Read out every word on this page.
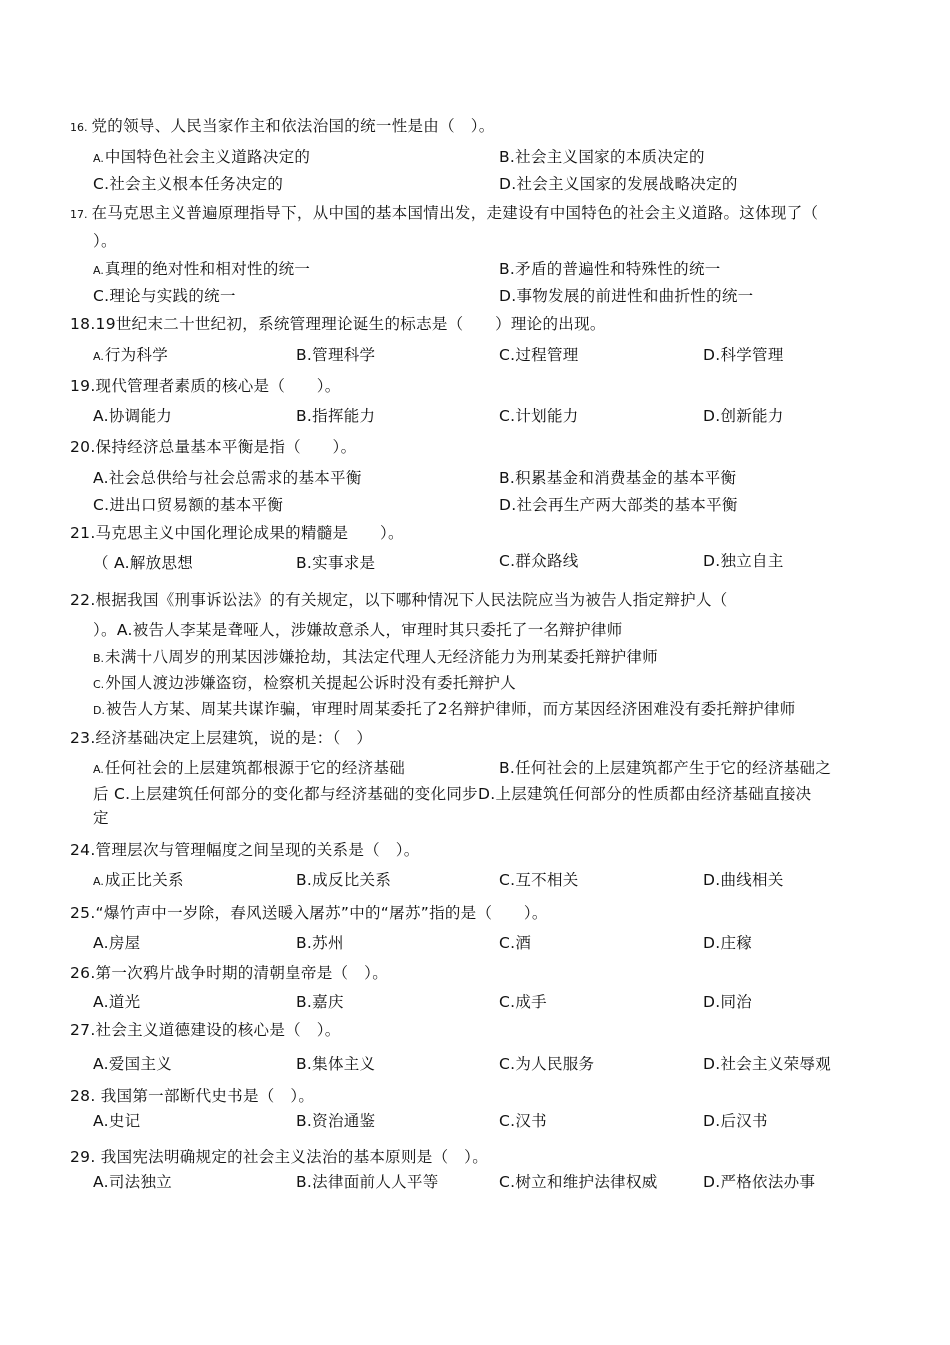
16. 党的领导、人民当家作主和依法治国的统一性是由（　）。
A.中国特色社会主义道路决定的	B.社会主义国家的本质决定的
C.社会主义根本任务决定的	D.社会主义国家的发展战略决定的
17. 在马克思主义普遍原理指导下，从中国的基本国情出发，走建设有中国特色的社会主义道路。这体现了（
）。
A.真理的绝对性和相对性的统一	B.矛盾的普遍性和特殊性的统一
C.理论与实践的统一	D.事物发展的前进性和曲折性的统一
18.19世纪末二十世纪初，系统管理理论诞生的标志是（　　）理论的出现。
A.行为科学	B.管理科学	C.过程管理	D.科学管理
19.现代管理者素质的核心是（　　）。
A.协调能力	B.指挥能力	C.计划能力	D.创新能力
20.保持经济总量基本平衡是指（　　）。
A.社会总供给与社会总需求的基本平衡	B.积累基金和消费基金的基本平衡
C.进出口贸易额的基本平衡	D.社会再生产两大部类的基本平衡
21.马克思主义中国化理论成果的精髓是　　）。
（ A.解放思想	B.实事求是	C.群众路线	D.独立自主
22.根据我国《刑事诉讼法》的有关规定，以下哪种情况下人民法院应当为被告人指定辩护人（
）。A.被告人李某是聋哑人，涉嫌故意杀人，审理时其只委托了一名辩护律师
B.未满十八周岁的刑某因涉嫌抢劫，其法定代理人无经济能力为刑某委托辩护律师
C.外国人渡边涉嫌盗窃，检察机关提起公诉时没有委托辩护人
D.被告人方某、周某共谋诈骗，审理时周某委托了2名辩护律师，而方某因经济困难没有委托辩护律师
23.经济基础决定上层建筑，说的是：（　）
A.任何社会的上层建筑都根源于它的经济基础	B.任何社会的上层建筑都产生于它的经济基础之
后 C.上层建筑任何部分的变化都与经济基础的变化同步D.上层建筑任何部分的性质都由经济基础直接决
定
24.管理层次与管理幅度之间呈现的关系是（　）。
A.成正比关系	B.成反比关系	C.互不相关	D.曲线相关
25.“爆竹声中一岁除，春风送暖入屠苏”中的“屠苏”指的是（　　）。
A.房屋	B.苏州	C.酒	D.庄稼
26.第一次鸦片战争时期的清朝皇帝是（　）。
A.道光	B.嘉庆	C.成手	D.同治
27.社会主义道德建设的核心是（　）。
A.爱国主义	B.集体主义	C.为人民服务	D.社会主义荣辱观
28. 我国第一部断代史书是（　）。
A.史记	B.资治通鉴	C.汉书	D.后汉书
29. 我国宪法明确规定的社会主义法治的基本原则是（　）。
A.司法独立	B.法律面前人人平等	C.树立和维护法律权威	D.严格依法办事
